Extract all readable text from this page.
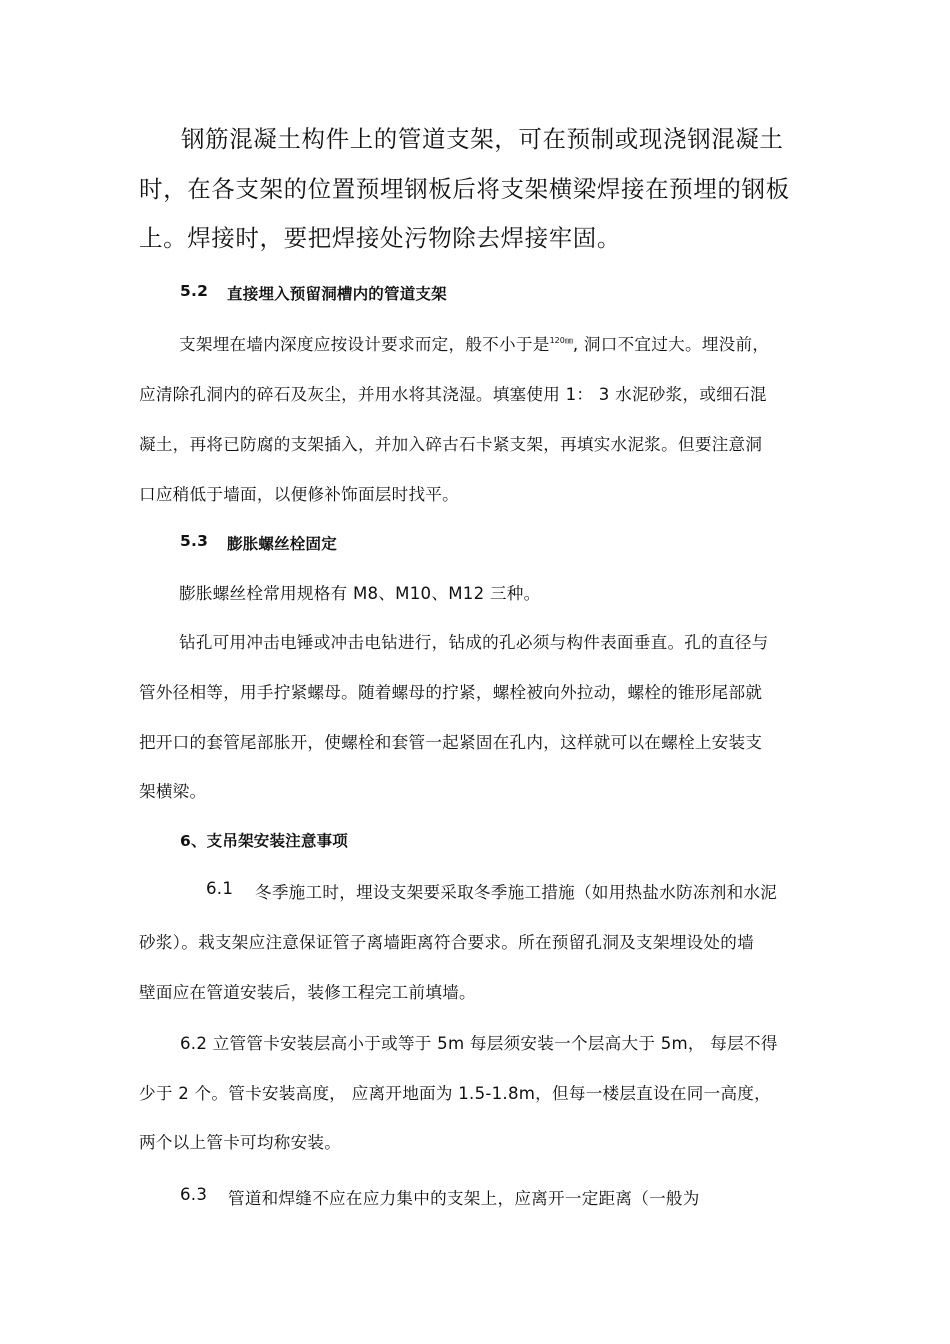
钢筋混凝土构件上的管道支架，可在预制或现浇钢混凝土
时，在各支架的位置预埋钢板后将支架横梁焊接在预埋的钢板
上。焊接时，要把焊接处污物除去焊接牢固。
5.2 直接埋入预留洞槽内的管道支架
支架埋在墙内深度应按设计要求而定，般不小于是$^{120㎜}$, 洞口不宜过大。埋没前，
应清除孔洞内的碎石及灰尘，并用水将其浇湿。填塞使用 1： 3 水泥砂浆，或细石混
凝土，再将已防腐的支架插入，并加入碎古石卡紧支架，再填实水泥浆。但要注意洞
口应稍低于墙面，以便修补饰面层时找平。
5.3 膨胀螺丝栓固定
膨胀螺丝栓常用规格有 M8、M10、M12 三种。
钻孔可用冲击电锤或冲击电钻进行，钻成的孔必须与构件表面垂直。孔的直径与
管外径相等，用手拧紧螺母。随着螺母的拧紧，螺栓被向外拉动，螺栓的锥形尾部就
把开口的套管尾部胀开，使螺栓和套管一起紧固在孔内，这样就可以在螺栓上安装支
架横梁。
6、支吊架安装注意事项
6.1 冬季施工时，埋设支架要采取冬季施工措施（如用热盐水防冻剂和水泥
砂浆）。栽支架应注意保证管子离墙距离符合要求。所在预留孔洞及支架埋设处的墙
壁面应在管道安装后，装修工程完工前填墙。
6.2 立管管卡安装层高小于或等于 5m 每层须安装一个层高大于 5m， 每层不得
少于 2 个。管卡安装高度， 应离开地面为 1.5-1.8m，但每一楼层直设在同一高度，
两个以上管卡可均称安装。
6.3 管道和焊缝不应在应力集中的支架上，应离开一定距离（一般为
